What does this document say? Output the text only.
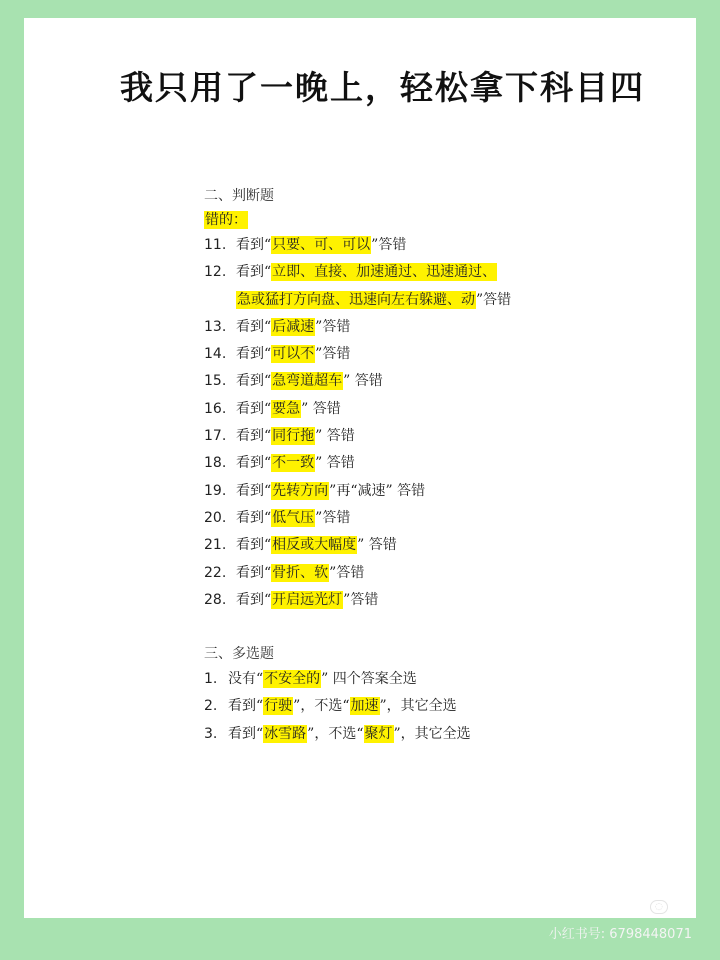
我只用了一晚上，轻松拿下科目四
二、判断题
错的：
11. 看到“只要、可、可以”答错
12. 看到“立即、直接、加速通过、迅速通过、
急或猛打方向盘、迅速向左右躲避、动”答错
13. 看到“后减速”答错
14. 看到“可以不”答错
15. 看到“急弯道超车” 答错
16. 看到“要急” 答错
17. 看到“同行拖” 答错
18. 看到“不一致” 答错
19. 看到“先转方向”再“减速” 答错
20. 看到“低气压”答错
21. 看到“相反或大幅度” 答错
22. 看到“骨折、软”答错
28. 看到“开启远光灯”答错
三、多选题
1. 没有“不安全的” 四个答案全选
2. 看到“行驶”，不选“加速”，其它全选
3. 看到“冰雪路”，不选“聚灯”，其它全选
◌
小红书号: 6798448071
